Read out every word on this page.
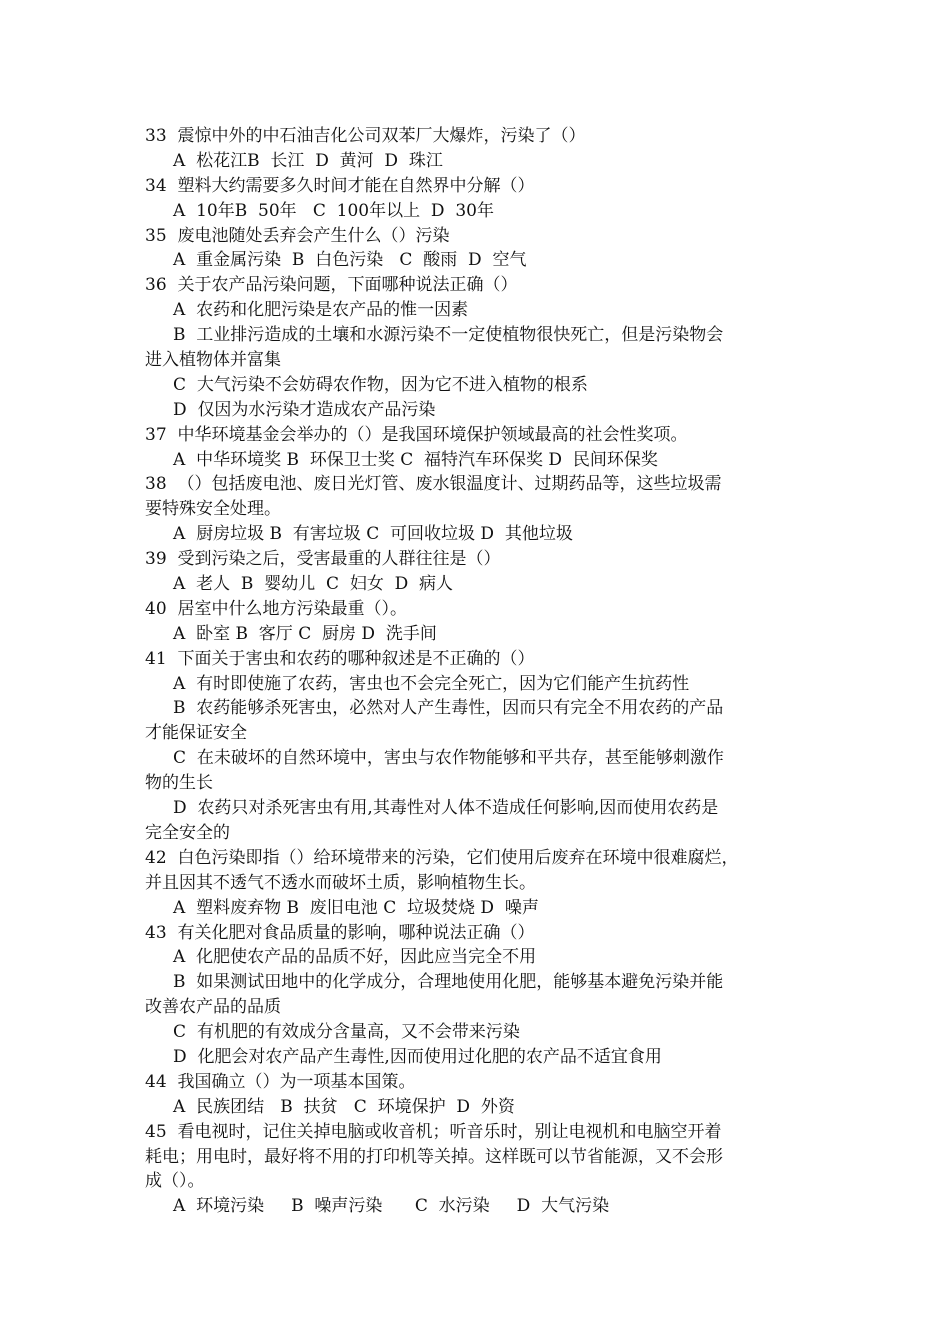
33  震惊中外的中石油吉化公司双苯厂大爆炸，污染了（）
A  松花江B  长江  D  黄河  D  珠江
34  塑料大约需要多久时间才能在自然界中分解（）
A  10年B  50年   C  100年以上  D  30年
35  废电池随处丢弃会产生什么（）污染
A  重金属污染  B  白色污染   C  酸雨  D  空气
36  关于农产品污染问题，下面哪种说法正确（）
A  农药和化肥污染是农产品的惟一因素
B  工业排污造成的土壤和水源污染不一定使植物很快死亡，但是污染物会
进入植物体并富集
C  大气污染不会妨碍农作物，因为它不进入植物的根系
D  仅因为水污染才造成农产品污染
37  中华环境基金会举办的（）是我国环境保护领域最高的社会性奖项。
A  中华环境奖 B  环保卫士奖 C  福特汽车环保奖 D  民间环保奖
38  （）包括废电池、废日光灯管、废水银温度计、过期药品等，这些垃圾需
要特殊安全处理。
A  厨房垃圾 B  有害垃圾 C  可回收垃圾 D  其他垃圾
39  受到污染之后，受害最重的人群往往是（）
A  老人  B  婴幼儿  C  妇女  D  病人
40  居室中什么地方污染最重（）。
A  卧室 B  客厅 C  厨房 D  洗手间
41  下面关于害虫和农药的哪种叙述是不正确的（）
A  有时即使施了农药，害虫也不会完全死亡，因为它们能产生抗药性
B  农药能够杀死害虫，必然对人产生毒性，因而只有完全不用农药的产品
才能保证安全
C  在未破坏的自然环境中，害虫与农作物能够和平共存，甚至能够刺激作
物的生长
D  农药只对杀死害虫有用,其毒性对人体不造成任何影响,因而使用农药是
完全安全的
42  白色污染即指（）给环境带来的污染，它们使用后废弃在环境中很难腐烂，
并且因其不透气不透水而破坏土质，影响植物生长。
A  塑料废弃物 B  废旧电池 C  垃圾焚烧 D  噪声
43  有关化肥对食品质量的影响，哪种说法正确（）
A  化肥使农产品的品质不好，因此应当完全不用
B  如果测试田地中的化学成分，合理地使用化肥，能够基本避免污染并能
改善农产品的品质
C  有机肥的有效成分含量高，又不会带来污染
D  化肥会对农产品产生毒性,因而使用过化肥的农产品不适宜食用
44  我国确立（）为一项基本国策。
A  民族团结   B  扶贫   C  环境保护  D  外资
45  看电视时，记住关掉电脑或收音机；听音乐时，别让电视机和电脑空开着
耗电；用电时，最好将不用的打印机等关掉。这样既可以节省能源，又不会形
成（）。
A  环境污染     B  噪声污染      C  水污染     D  大气污染
